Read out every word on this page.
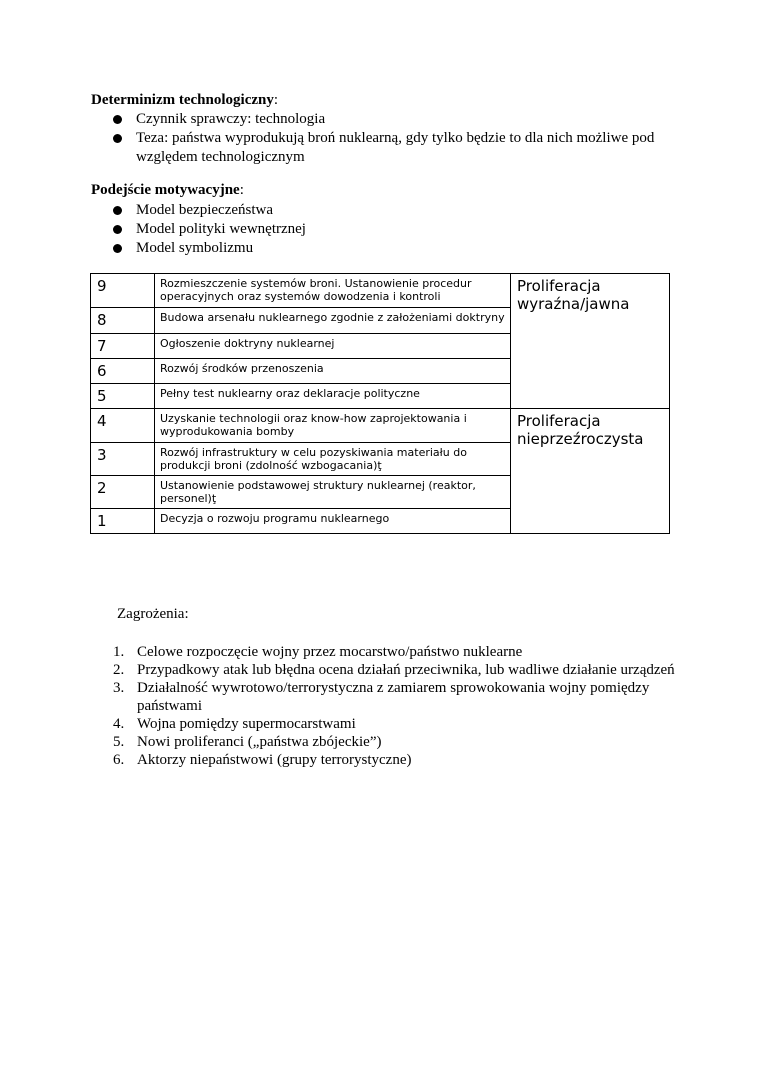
Determinizm technologiczny:
Czynnik sprawczy: technologia
Teza: państwa wyprodukują broń nuklearną, gdy tylko będzie to dla nich możliwe pod względem technologicznym
Podejście motywacyjne:
Model bezpieczeństwa
Model polityki wewnętrznej
Model symbolizmu
9	Rozmieszczenie systemów broni. Ustanowienie procedur operacyjnych oraz systemów dowodzenia i kontroli	Proliferacja wyraźna/jawna
8	Budowa arsenału nuklearnego zgodnie z założeniami doktryny	

7	Ogłoszenie doktryny nuklearnej	
6	Rozwój środków przenoszenia	
5	Pełny test nuklearny oraz deklaracje polityczne	
4	Uzyskanie technologii oraz know-how zaprojektowania i wyprodukowania bomby	Proliferacja nieprzeźroczysta
3	Rozwój infrastruktury w celu pozyskiwania materiału do produkcji broni (zdolność wzbogacania)ţ	
2	Ustanowienie podstawowej struktury nuklearnej (reaktor, personel)ţ	
1	Decyzja o rozwoju programu nuklearnego	
Zagrożenia:
1. Celowe rozpoczęcie wojny przez mocarstwo/państwo nuklearne
2. Przypadkowy atak lub błędna ocena działań przeciwnika, lub wadliwe działanie urządzeń
3. Działalność wywrotowo/terrorystyczna z zamiarem sprowokowania wojny pomiędzy państwami
4. Wojna pomiędzy supermocarstwami
5. Nowi proliferanci („państwa zbójeckie”)
6. Aktorzy niepaństwowi (grupy terrorystyczne)
